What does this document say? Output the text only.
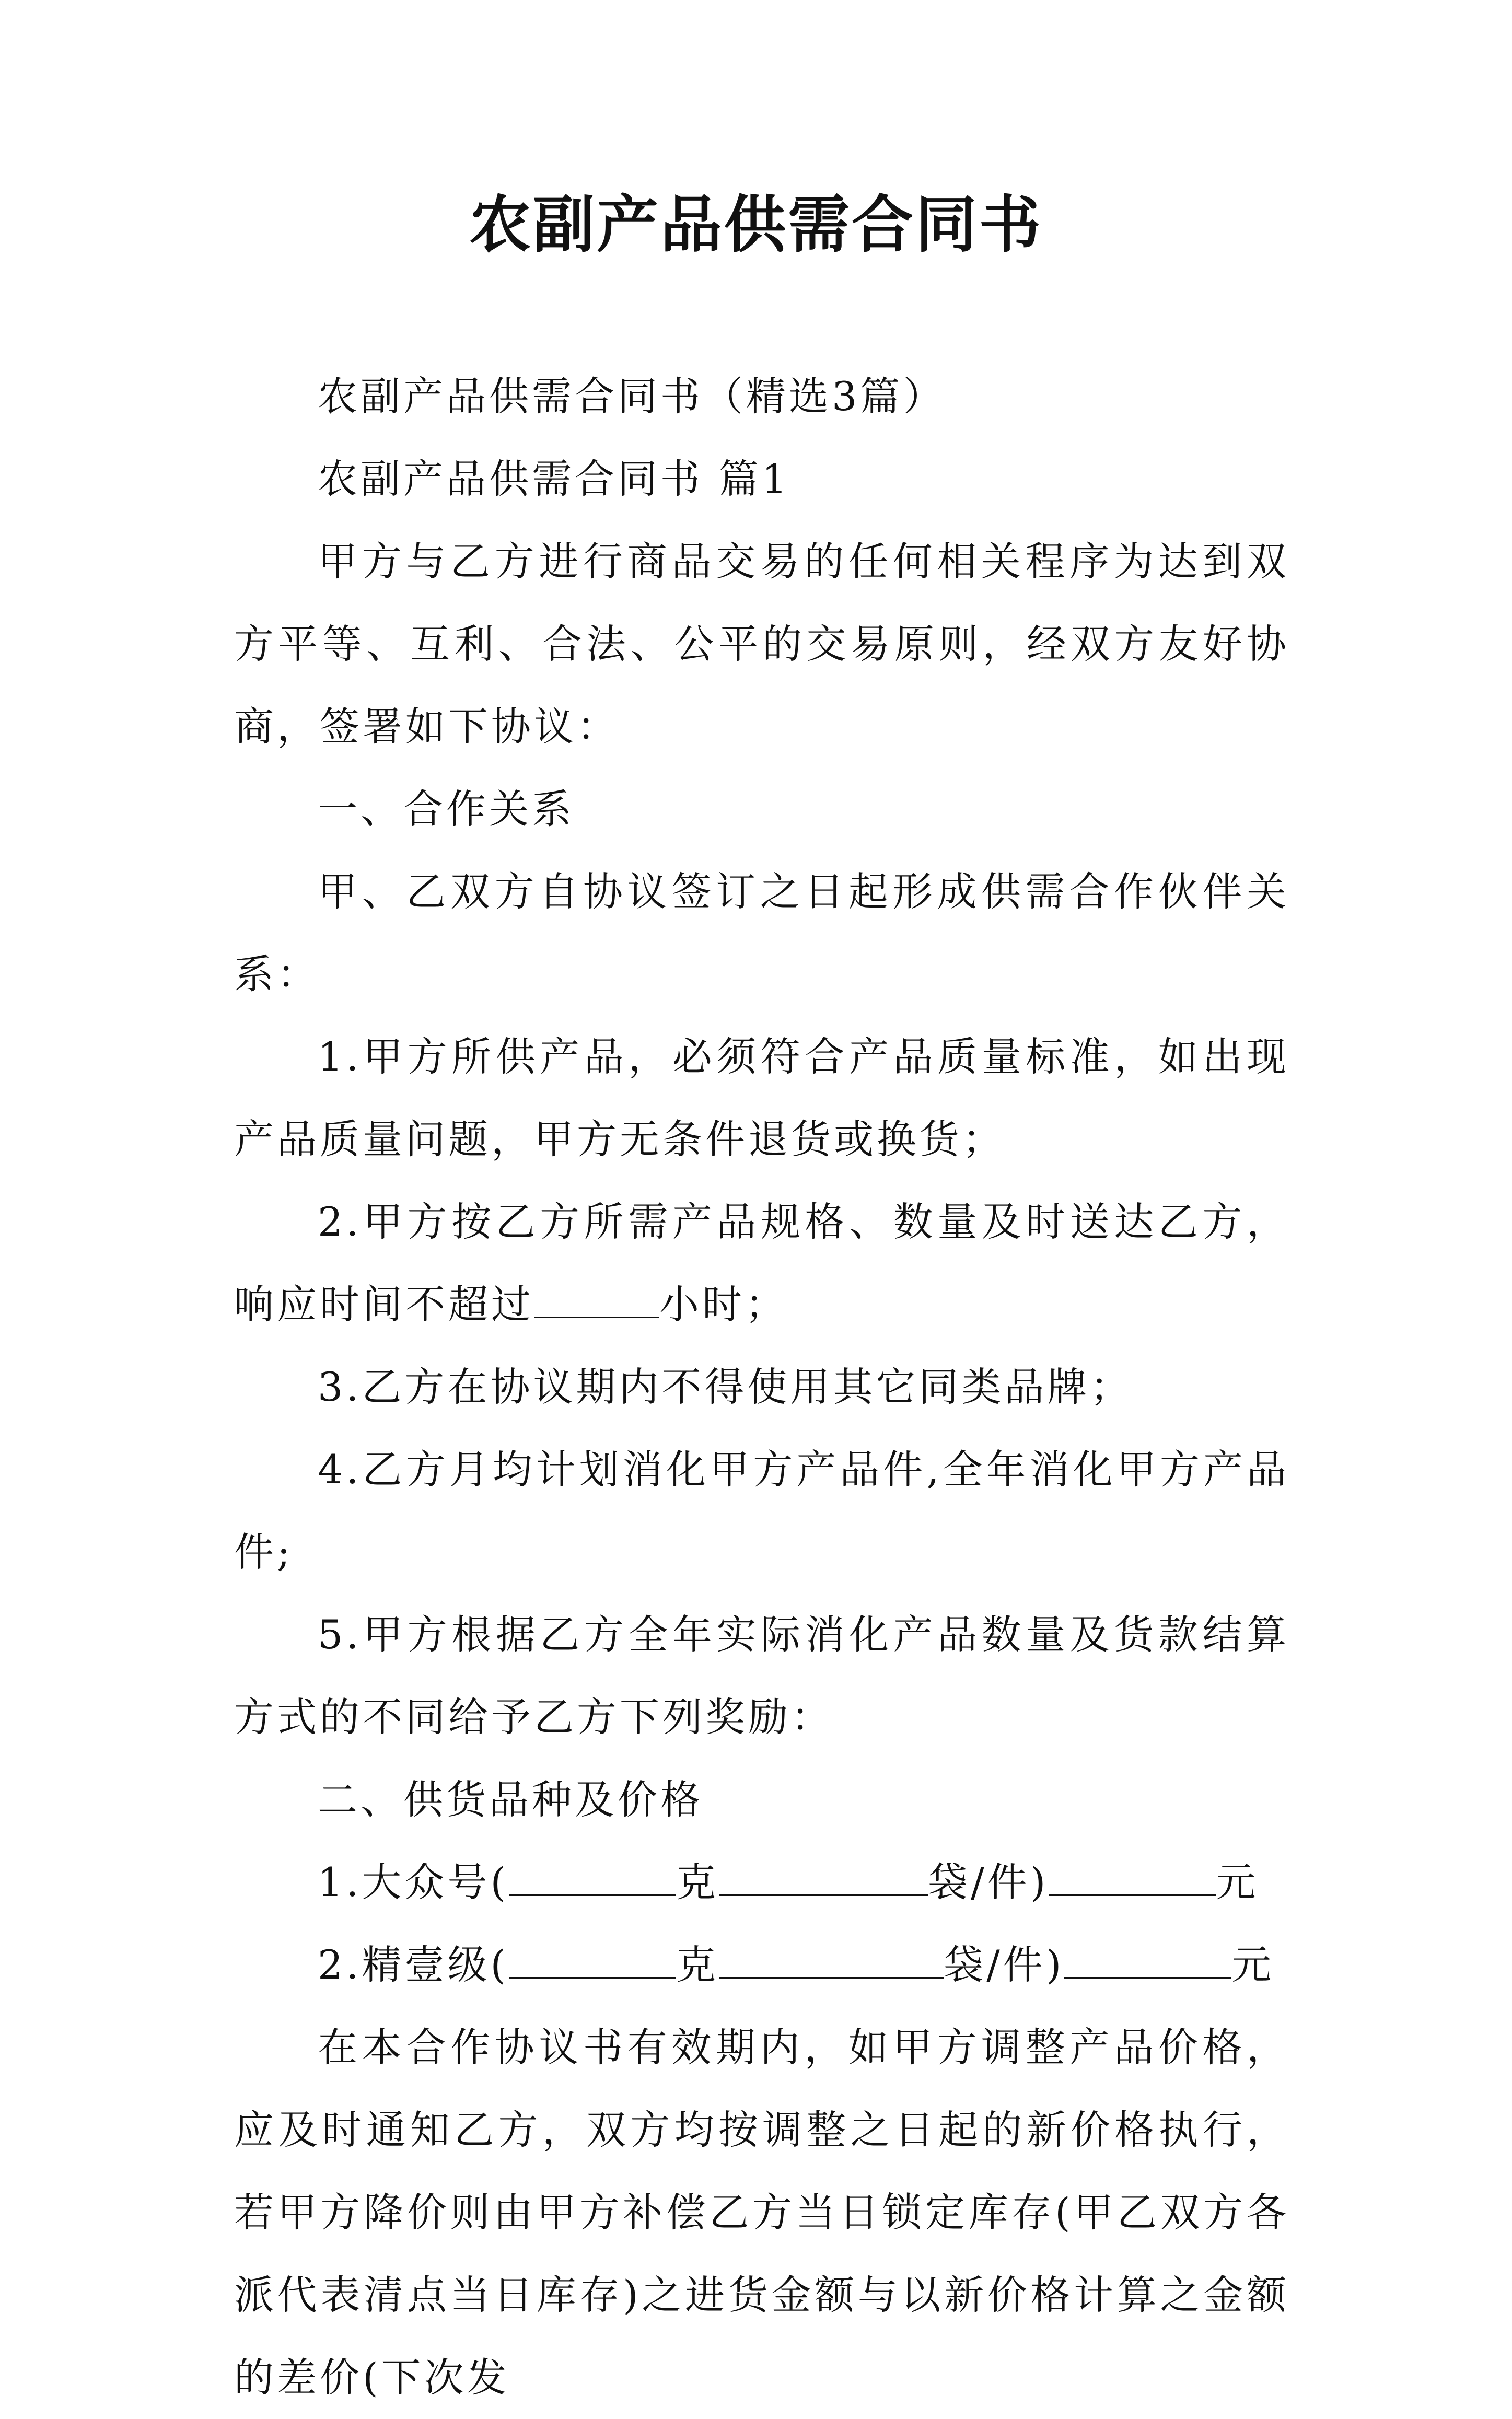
农副产品供需合同书

农副产品供需合同书（精选3篇）

农副产品供需合同书 篇1

甲方与乙方进行商品交易的任何相关程序为达到双方平等、互利、合法、公平的交易原则，经双方友好协商，签署如下协议：

一、合作关系

甲、乙双方自协议签订之日起形成供需合作伙伴关系：

1.甲方所供产品，必须符合产品质量标准，如出现产品质量问题，甲方无条件退货或换货；

2.甲方按乙方所需产品规格、数量及时送达乙方，响应时间不超过	小时；

3.乙方在协议期内不得使用其它同类品牌；

4.乙方月均计划消化甲方产品件,全年消化甲方产品件;

5.甲方根据乙方全年实际消化产品数量及货款结算方式的不同给予乙方下列奖励：

二、供货品种及价格

1.大众号(	克	袋/件)	元

2.精壹级(	克	袋/件)	元

在本合作协议书有效期内，如甲方调整产品价格，应及时通知乙方，双方均按调整之日起的新价格执行，若甲方降价则由甲方补偿乙方当日锁定库存(甲乙双方各派代表清点当日库存)之进货金额与以新价格计算之金额的差价(下次发
